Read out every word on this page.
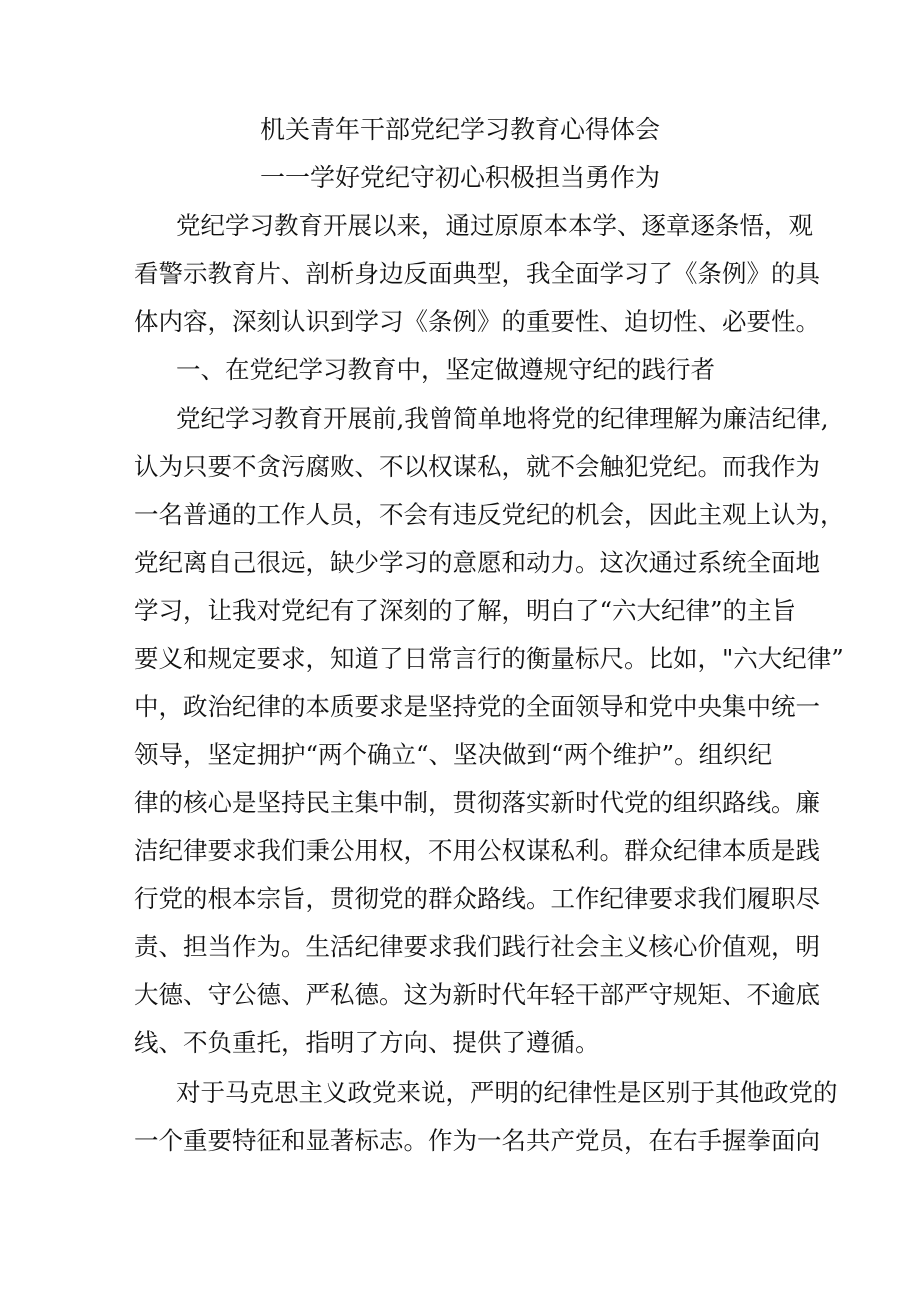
机关青年干部党纪学习教育心得体会
一一学好党纪守初心积极担当勇作为
党纪学习教育开展以来，通过原原本本学、逐章逐条悟，观
看警示教育片、剖析身边反面典型，我全面学习了《条例》的具
体内容，深刻认识到学习《条例》的重要性、迫切性、必要性。
一、在党纪学习教育中，坚定做遵规守纪的践行者
党纪学习教育开展前,我曾简单地将党的纪律理解为廉洁纪律,
认为只要不贪污腐败、不以权谋私，就不会触犯党纪。而我作为
一名普通的工作人员，不会有违反党纪的机会，因此主观上认为，
党纪离自己很远，缺少学习的意愿和动力。这次通过系统全面地
学习，让我对党纪有了深刻的了解，明白了“六大纪律”的主旨
要义和规定要求，知道了日常言行的衡量标尺。比如，"六大纪律”
中，政治纪律的本质要求是坚持党的全面领导和党中央集中统一
领导，坚定拥护“两个确立“、坚决做到“两个维护”。组织纪
律的核心是坚持民主集中制，贯彻落实新时代党的组织路线。廉
洁纪律要求我们秉公用权，不用公权谋私利。群众纪律本质是践
行党的根本宗旨，贯彻党的群众路线。工作纪律要求我们履职尽
责、担当作为。生活纪律要求我们践行社会主义核心价值观，明
大德、守公德、严私德。这为新时代年轻干部严守规矩、不逾底
线、不负重托，指明了方向、提供了遵循。
对于马克思主义政党来说，严明的纪律性是区别于其他政党的
一个重要特征和显著标志。作为一名共产党员，在右手握拳面向
